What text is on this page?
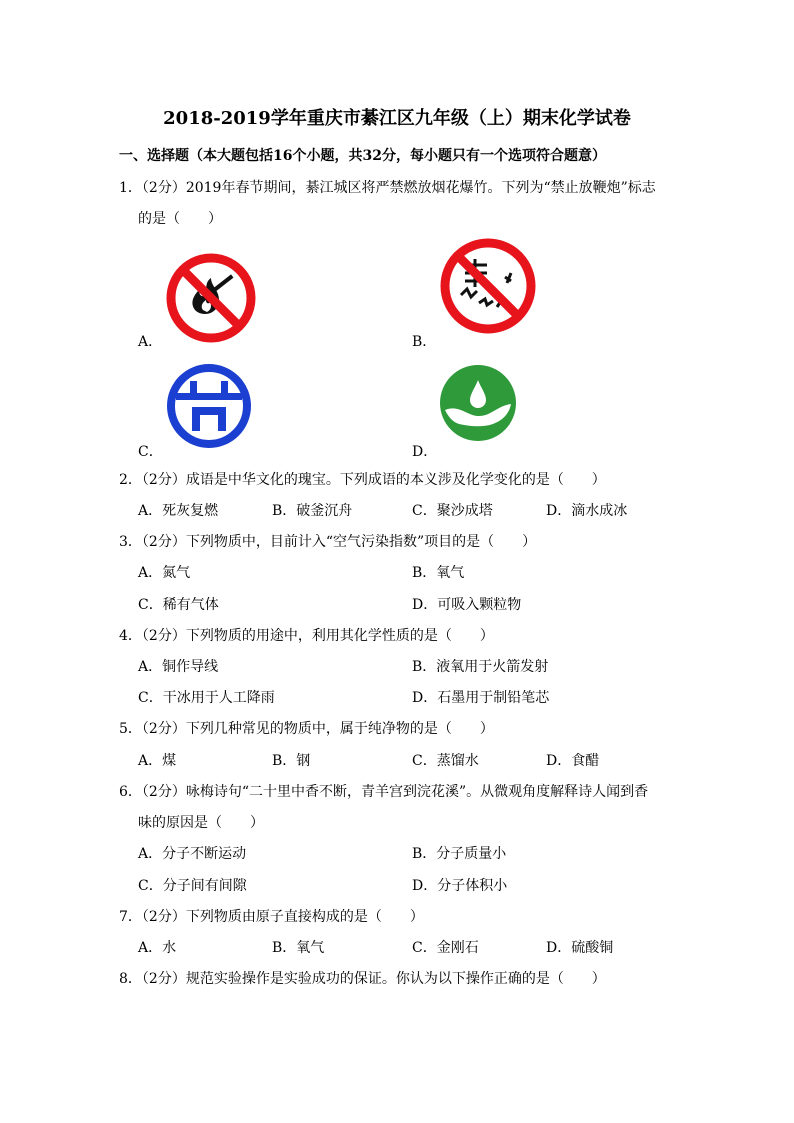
2018-2019学年重庆市綦江区九年级（上）期末化学试卷
一、选择题（本大题包括16个小题，共32分，每小题只有一个选项符合题意）
1．（2分）2019年春节期间，綦江城区将严禁燃放烟花爆竹。下列为“禁止放鞭炮”标志
的是（　　）
A．	B．
C．	D．
2．（2分）成语是中华文化的瑰宝。下列成语的本义涉及化学变化的是（　　）
A．死灰复燃	B．破釜沉舟	C．聚沙成塔	D．滴水成冰
3．（2分）下列物质中，目前计入“空气污染指数”项目的是（　　）
A．氮气	B．氧气
C．稀有气体	D．可吸入颗粒物
4．（2分）下列物质的用途中，利用其化学性质的是（　　）
A．铜作导线	B．液氧用于火箭发射
C．干冰用于人工降雨	D．石墨用于制铅笔芯
5．（2分）下列几种常见的物质中，属于纯净物的是（　　）
A．煤	B．钢	C．蒸馏水	D．食醋
6．（2分）咏梅诗句“二十里中香不断，青羊宫到浣花溪”。从微观角度解释诗人闻到香
味的原因是（　　）
A．分子不断运动	B．分子质量小
C．分子间有间隙	D．分子体积小
7．（2分）下列物质由原子直接构成的是（　　）
A．水	B．氧气	C．金刚石	D．硫酸铜
8．（2分）规范实验操作是实验成功的保证。你认为以下操作正确的是（　　）
